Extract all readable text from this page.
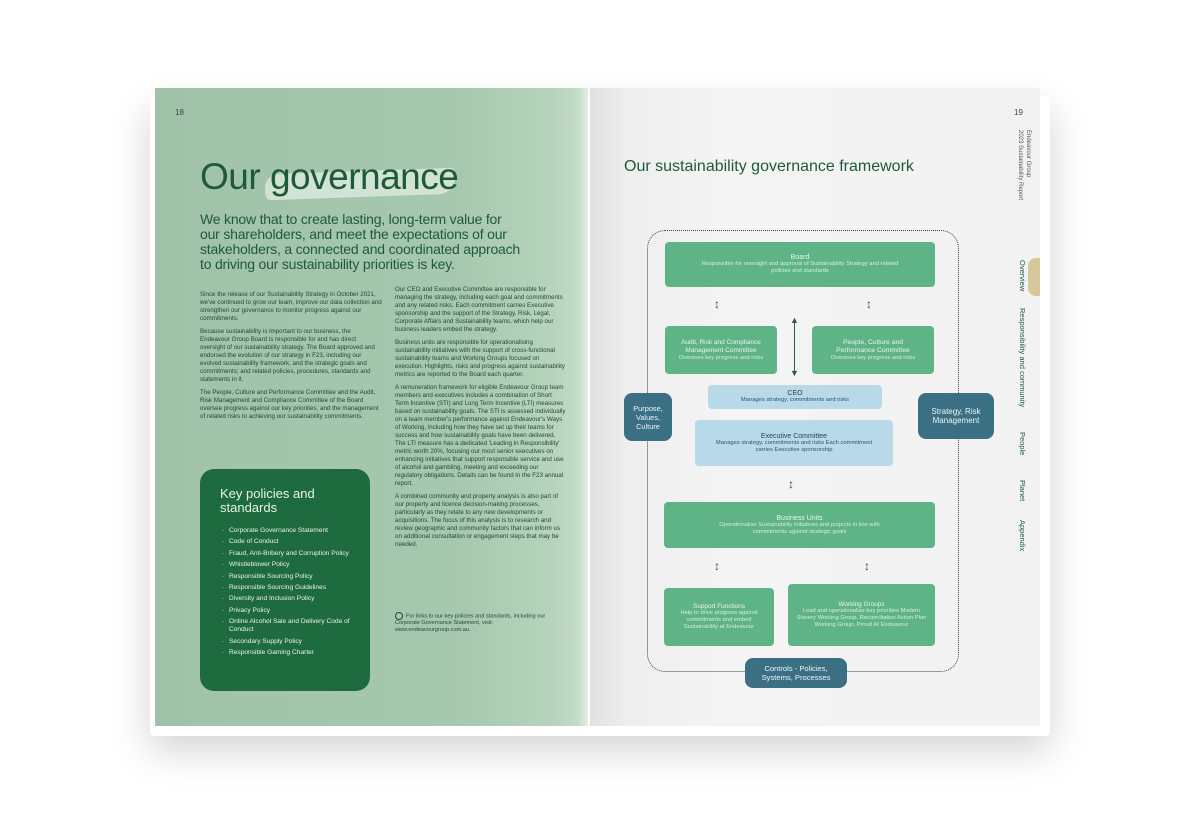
18
Our governance
We know that to create lasting, long-term value for our shareholders, and meet the expectations of our stakeholders, a connected and coordinated approach to driving our sustainability priorities is key.

Since the release of our Sustainability Strategy in October 2021, we've continued to grow our team, improve our data collection and strengthen our governance to monitor progress against our commitments.

Because sustainability is important to our business, the Endeavour Group Board is responsible for and has direct oversight of our sustainability strategy. The Board approved and endorsed the evolution of our strategy in F23, including our evolved sustainability framework, and the strategic goals and commitments; and related policies, procedures, standards and statements in it.

The People, Culture and Performance Committee and the Audit, Risk Management and Compliance Committee of the Board oversee progress against our key priorities, and the management of related risks to achieving our sustainability commitments.

Our CEO and Executive Committee are responsible for managing the strategy, including each goal and commitments and any related risks. Each commitment carries Executive sponsorship and the support of the Strategy, Risk, Legal, Corporate Affairs and Sustainability teams, which help our business leaders embed the strategy.

Business units are responsible for operationalising sustainability initiatives with the support of cross-functional sustainability teams and Working Groups focused on execution. Highlights, risks and progress against sustainability metrics are reported to the Board each quarter.

A remuneration framework for eligible Endeavour Group team members and executives includes a combination of Short Term Incentive (STI) and Long Term Incentive (LTI) measures based on sustainability goals. The STI is assessed individually on a team member's performance against Endeavour's Ways of Working, including how they have set up their teams for success and how sustainability goals have been delivered. The LTI measure has a dedicated 'Leading in Responsibility' metric worth 20%, focusing our most senior executives on enhancing initiatives that support responsible service and use of alcohol and gambling, meeting and exceeding our regulatory obligations. Details can be found in the F23 annual report.

A combined community and property analysis is also part of our property and licence decision-making processes, particularly as they relate to any new developments or acquisitions. The focus of this analysis is to research and review geographic and community factors that can inform us on additional consultation or engagement steps that may be needed.

For links to our key policies and standards, including our Corporate Governance Statement, visit: www.endeavourgroup.com.au.
Key policies and standards
· Corporate Governance Statement
· Code of Conduct
· Fraud, Anti-Bribery and Corruption Policy
· Whistleblower Policy
· Responsible Sourcing Policy
· Responsible Sourcing Guidelines
· Diversity and Inclusion Policy
· Privacy Policy
· Online Alcohol Sale and Delivery Code of Conduct
· Secondary Supply Policy
· Responsible Gaming Charter
19
Endeavour Group
2023 Sustainability Report
Overview
Responsibility and community
People
Planet
Appendix
Our sustainability governance framework
Board
Responsible for oversight and approval of Sustainability Strategy and related policies and standards
↕	↕
▲
▼
Audit, Risk and Compliance Management Committee
Oversees key progress and risks
People, Culture and Performance Committee
Oversees key progress and risks
CEO
Manages strategy, commitments and risks
Executive Committee
Manages strategy, commitments and risks Each commitment carries Executive sponsorship
Purpose, Values, Culture
Strategy, Risk Management
↕
Business Units
Operationalise Sustainability initiatives and projects in line with commitments against strategic goals
↕	↕
Support Functions
Help to drive progress against commitments and embed Sustainability at Endeavour
Working Groups
Lead and operationalise key priorities Modern Slavery Working Group, Reconciliation Action Plan Working Group, Proud At Endeavour
Controls - Policies, Systems, Processes
